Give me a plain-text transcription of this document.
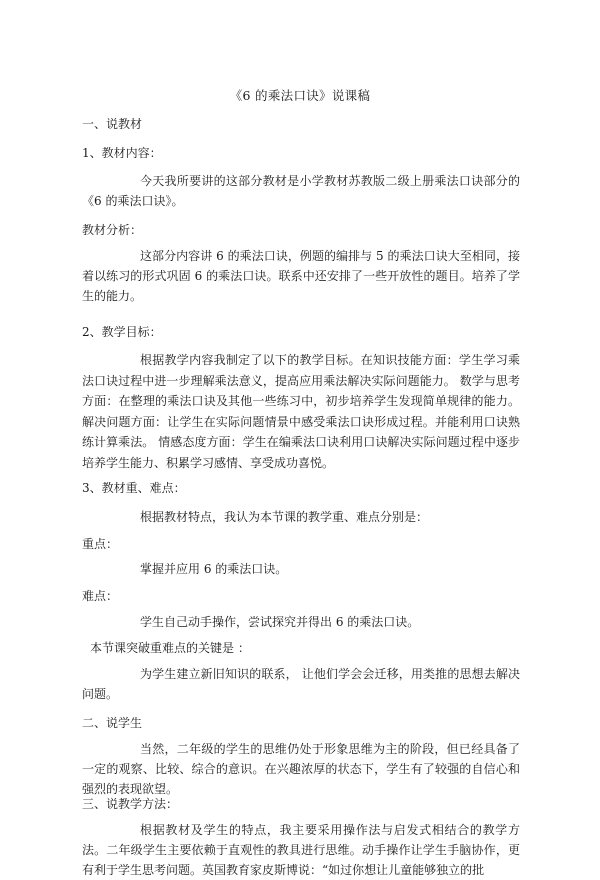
《6 的乘法口诀》说课稿
一、说教材
1、教材内容：
今天我所要讲的这部分教材是小学教材苏教版二级上册乘法口诀部分的《6 的乘法口诀》。
教材分析：
这部分内容讲 6 的乘法口诀，例题的编排与 5 的乘法口诀大至相同，接着以练习的形式巩固 6 的乘法口诀。联系中还安排了一些开放性的题目。培养了学生的能力。
2、教学目标：
根据教学内容我制定了以下的教学目标。在知识技能方面：学生学习乘法口诀过程中进一步理解乘法意义，提高应用乘法解决实际问题能力。 数学与思考方面：在整理的乘法口诀及其他一些练习中，初步培养学生发现简单规律的能力。解决问题方面：让学生在实际问题情景中感受乘法口诀形成过程。并能利用口诀熟练计算乘法。 情感态度方面：学生在编乘法口诀利用口诀解决实际问题过程中逐步培养学生能力、积累学习感情、享受成功喜悦。
3、教材重、难点：
根据教材特点，我认为本节课的教学重、难点分别是：
重点：
掌握并应用 6 的乘法口诀。
难点：
学生自己动手操作，尝试探究并得出 6 的乘法口诀。
本节课突破重难点的关键是 ：
为学生建立新旧知识的联系， 让他们学会会迁移，用类推的思想去解决问题。
二、说学生
当然，二年级的学生的思维仍处于形象思维为主的阶段，但已经具备了一定的观察、比较、综合的意识。在兴趣浓厚的状态下，学生有了较强的自信心和强烈的表现欲望。
三、说教学方法：
根据教材及学生的特点，我主要采用操作法与启发式相结合的教学方法。二年级学生主要依赖于直观性的教具进行思维。动手操作让学生手脑协作，更有利于学生思考问题。英国教育家皮斯博说：“如过你想让儿童能够独立的批
